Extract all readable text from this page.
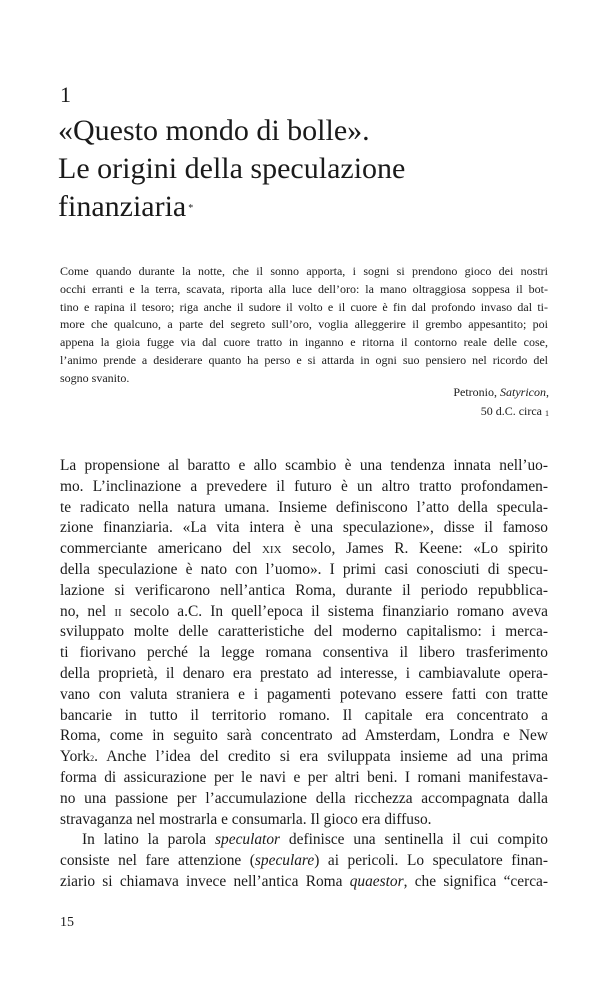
1
«Questo mondo di bolle».
Le origini della speculazione
finanziaria *
Come quando durante la notte, che il sonno apporta, i sogni si prendono gioco dei nostri
occhi erranti e la terra, scavata, riporta alla luce dell’oro: la mano oltraggiosa soppesa il bot-
tino e rapina il tesoro; riga anche il sudore il volto e il cuore è fin dal profondo invaso dal ti-
more che qualcuno, a parte del segreto sull’oro, voglia alleggerire il grembo appesantito; poi
appena la gioia fugge via dal cuore tratto in inganno e ritorna il contorno reale delle cose,
l’animo prende a desiderare quanto ha perso e si attarda in ogni suo pensiero nel ricordo del
sogno svanito.
Petronio, Satyricon,
50 d.C. circa $^1$
La propensione al baratto e allo scambio è una tendenza innata nell’uo-
mo. L’inclinazione a prevedere il futuro è un altro tratto profondamen-
te radicato nella natura umana. Insieme definiscono l’atto della specula-
zione finanziaria. «La vita intera è una speculazione», disse il famoso
commerciante americano del xix secolo, James R. Keene: «Lo spirito
della speculazione è nato con l’uomo». I primi casi conosciuti di specu-
lazione si verificarono nell’antica Roma, durante il periodo repubblica-
no, nel ii secolo a.C. In quell’epoca il sistema finanziario romano aveva
sviluppato molte delle caratteristiche del moderno capitalismo: i merca-
ti fiorivano perché la legge romana consentiva il libero trasferimento
della proprietà, il denaro era prestato ad interesse, i cambiavalute opera-
vano con valuta straniera e i pagamenti potevano essere fatti con tratte
bancarie in tutto il territorio romano. Il capitale era concentrato a
Roma, come in seguito sarà concentrato ad Amsterdam, Londra e New
York$^2$. Anche l’idea del credito si era sviluppata insieme ad una prima
forma di assicurazione per le navi e per altri beni. I romani manifestava-
no una passione per l’accumulazione della ricchezza accompagnata dalla
stravaganza nel mostrarla e consumarla. Il gioco era diffuso.
In latino la parola speculator definisce una sentinella il cui compito
consiste nel fare attenzione (speculare) ai pericoli. Lo speculatore finan-
ziario si chiamava invece nell’antica Roma quaestor, che significa “cerca-
15
